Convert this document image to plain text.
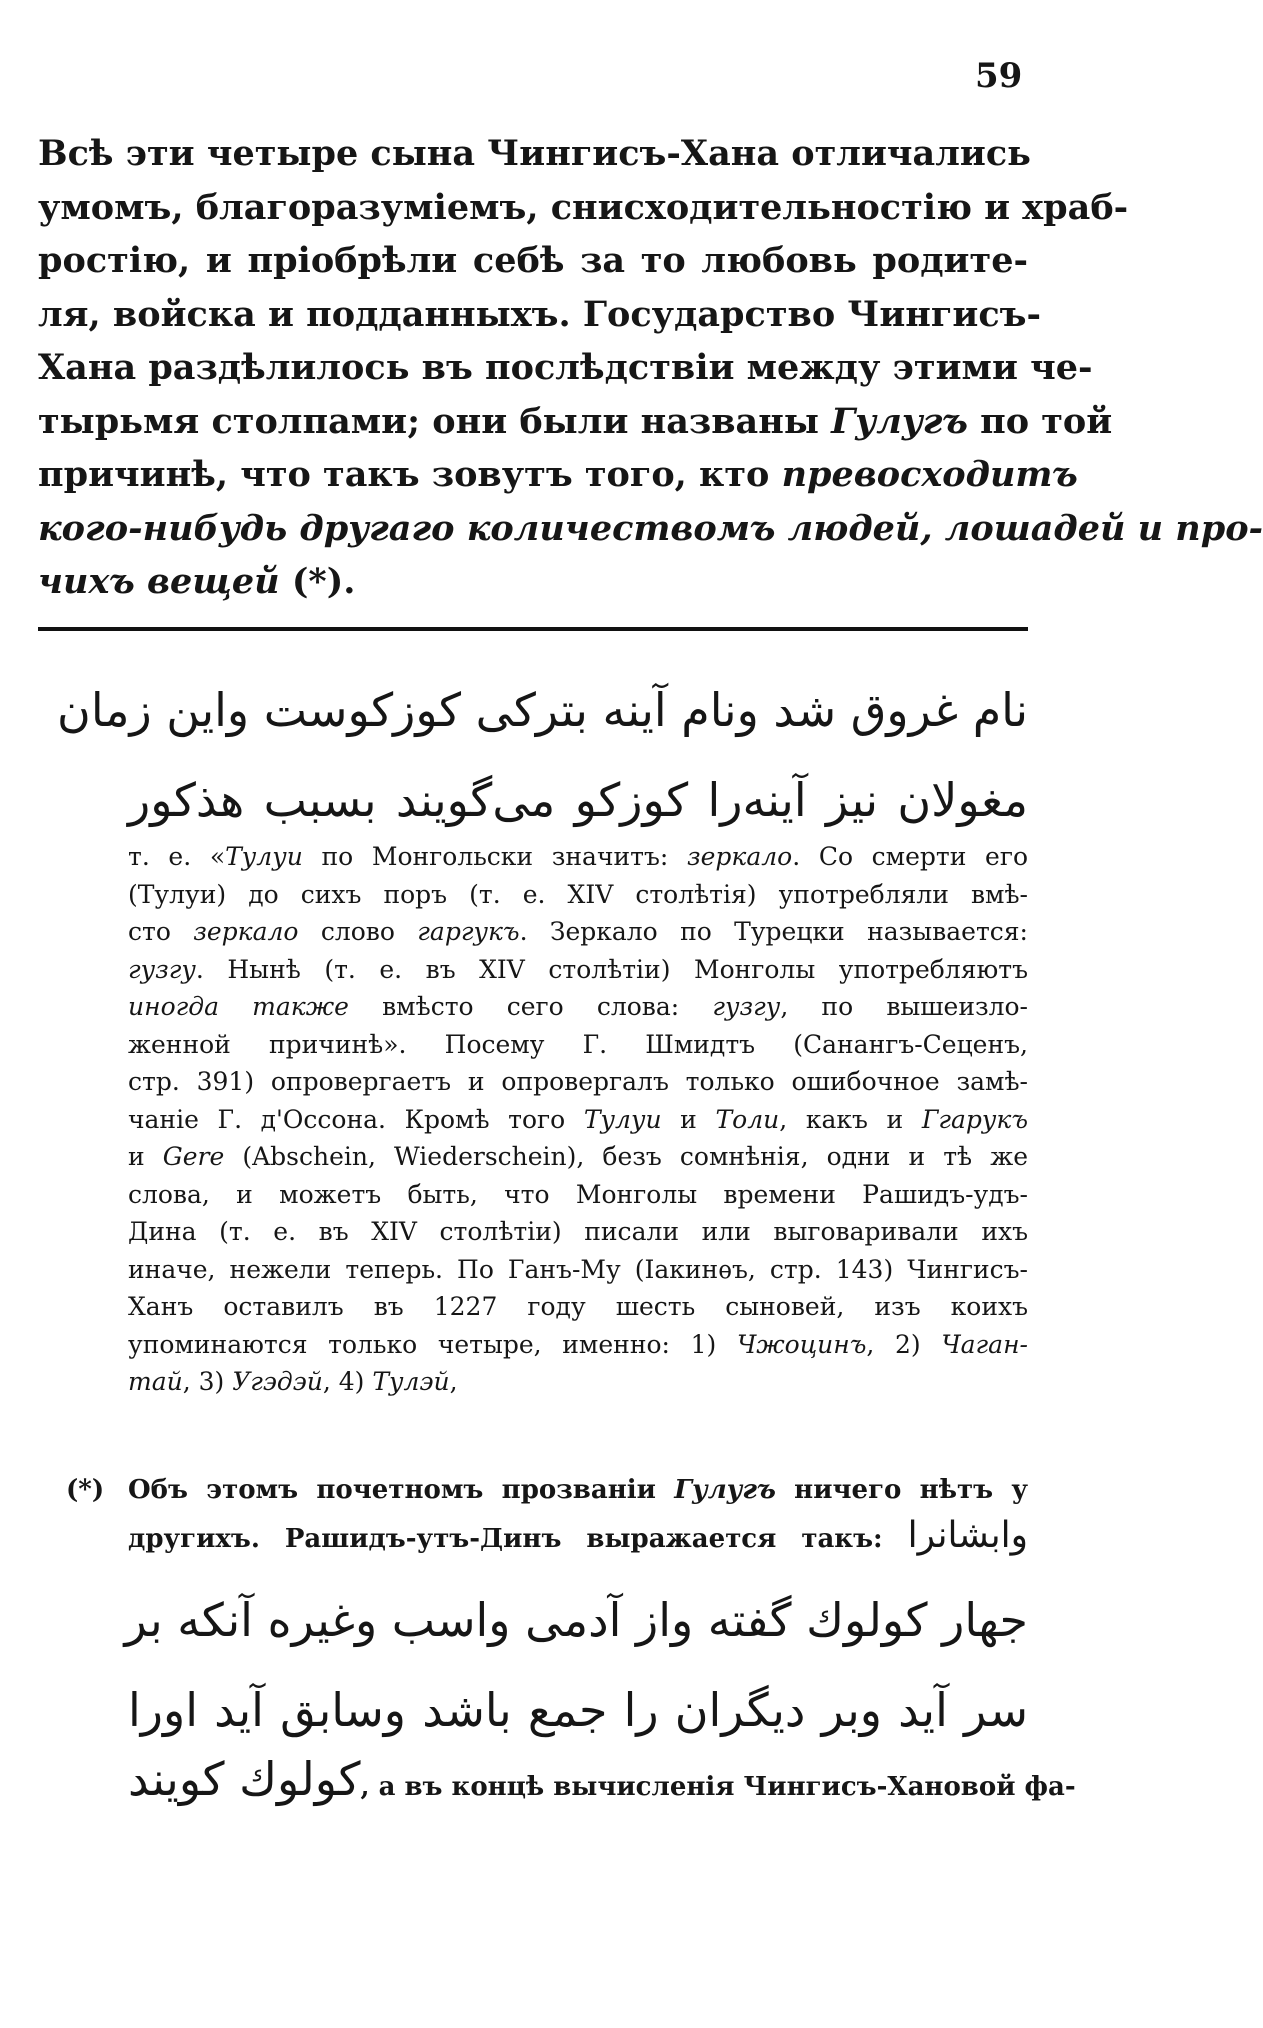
59
Всѣ эти четыре сына Чингисъ-Хана отличались
умомъ, благоразуміемъ, снисходительностію и храб-
ростію, и пріобрѣли себѣ за то любовь родите-
ля, войска и подданныхъ. Государство Чингисъ-
Хана раздѣлилось въ послѣдствіи между этими че-
тырьмя столпами; они были названы Гулугъ по той
причинѣ, что такъ зовутъ того, кто превосходитъ
кого-нибудь другаго количествомъ людей, лошадей и про-
чихъ вещей (*).
نام غروق شد ونام آینه بترکی کوزکوست واین زمان
مغولان نیز آینه‌را کوزکو می‌گویند بسبب هذکور
т. е. «Тулуи по Монгольски значитъ: зеркало. Со смерти его
(Тулуи) до сихъ поръ (т. е. XIV столѣтія) употребляли вмѣ-
сто зеркало слово гаргукъ. Зеркало по Турецки называется:
гузгу. Нынѣ (т. е. въ XIV столѣтіи) Монголы употребляютъ
иногда также вмѣсто сего слова: гузгу, по вышеизло-
женной причинѣ». Посему Г. Шмидтъ (Санангъ-Сеценъ,
стр. 391) опровергаетъ и опровергалъ только ошибочное замѣ-
чаніе Г. д'Оссона. Кромѣ того Тулуи и Толи, какъ и Ггарукъ
и Gere (Abschein, Wiederschein), безъ сомнѣнія, одни и тѣ же
слова, и можетъ быть, что Монголы времени Рашидъ-удъ-
Дина (т. е. въ XIV столѣтіи) писали или выговаривали ихъ
иначе, нежели теперь. По Ганъ-Му (Іакинѳъ, стр. 143) Чингисъ-
Ханъ оставилъ въ 1227 году шесть сыновей, изъ коихъ
упоминаются только четыре, именно: 1) Чжоцинъ, 2) Чаган-
тай, 3) Угэдэй, 4) Тулэй,
(*) Объ этомъ почетномъ прозваніи Гулугъ ничего нѣтъ у
другихъ. Рашидъ-утъ-Динъ выражается такъ: وابشانرا
جهار کولوك گفته واز آدمی واسب وغیره آنکه بر
سر آید وبر دیگران را جمع باشد وسابق آید اورا
کولوك کویند, а въ концѣ вычисленія Чингисъ-Хановой фа-
